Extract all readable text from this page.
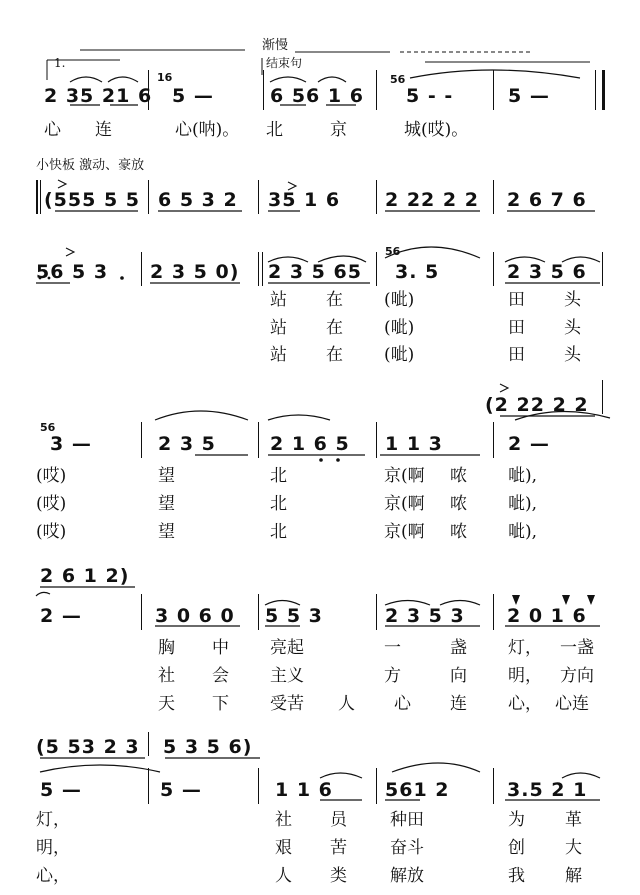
渐慢
结束句
1.
小快板 激动、豪放
16	56
56
56
2 35 21 6 5 —	6 56 1 6 5 - -	5 —
心 连	心(呐)。 北	京	城(哎)。
(555 5 5 6 5 3 2 35 1 6 2 22 2 2 2 6 7 6
56 5 3 2 3 5 0) 2 3 5 65 3. 5	2 3 5 6
站 在 (呲)	田 头
站 在 (呲)	田 头
站 在 (呲)	田 头
(2 22 2 2
3 —	2 3 5	2 1 6 5 1 1 3	2 —
(哎)	望	北	京(啊 哝 呲),
(哎)	望	北	京(啊 哝 呲),
(哎)	望	北	京(啊 哝 呲),
2 6 1 2)
2 —	3 0 6 0 5 5 3	2 3 5 3 2 0 1 6
胸 中 亮起	一	盏 灯， 一盏
社 会 主义	方	向 明， 方向
天 下 受苦 人 心 连 心， 心连
(5 53 2 3 5 3 5 6)
5 —	5 —	1 1 6	561 2	3.5 2 1
灯，	社 员	种田	为 革
明，	艰 苦	奋斗	创 大
心，	人 类	解放	我 解
